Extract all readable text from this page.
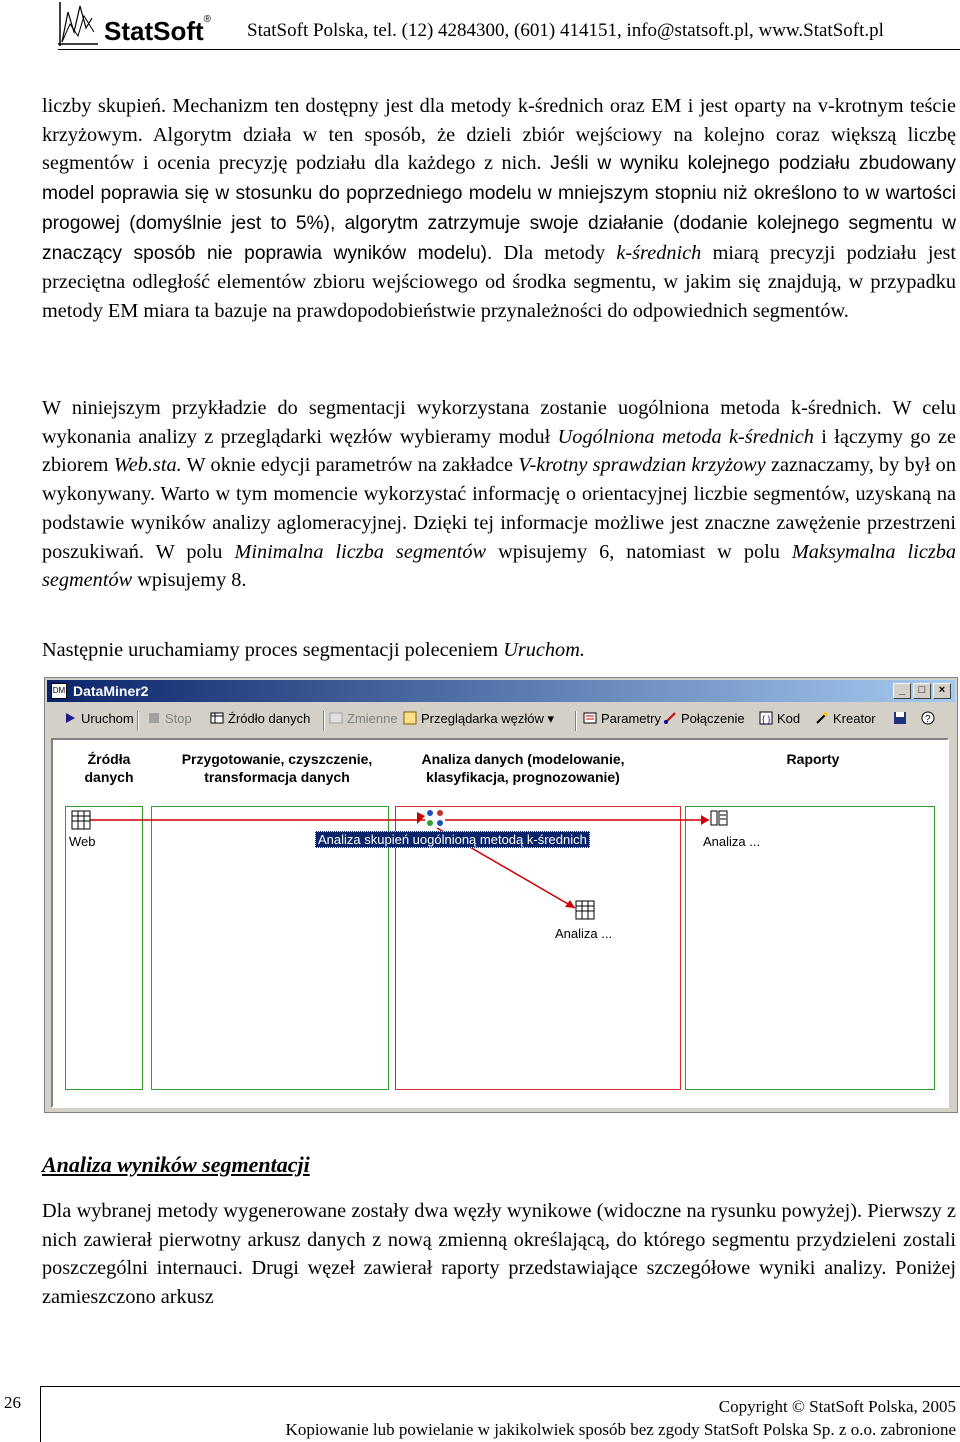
StatSoft®
StatSoft Polska, tel. (12) 4284300, (601) 414151, info@statsoft.pl, www.StatSoft.pl
liczby skupień. Mechanizm ten dostępny jest dla metody k-średnich oraz EM i jest oparty na v-krotnym teście krzyżowym. Algorytm działa w ten sposób, że dzieli zbiór wejściowy na kolejno coraz większą liczbę segmentów i ocenia precyzję podziału dla każdego z nich. Jeśli w wyniku kolejnego podziału zbudowany model poprawia się w stosunku do poprzedniego modelu w mniejszym stopniu niż określono to w wartości progowej (domyślnie jest to 5%), algorytm zatrzymuje swoje działanie (dodanie kolejnego segmentu w znaczący sposób nie poprawia wyników modelu). Dla metody k-średnich miarą precyzji podziału jest przeciętna odległość elementów zbioru wejściowego od środka segmentu, w jakim się znajdują, w przypadku metody EM miara ta bazuje na prawdopodobieństwie przynależności do odpowiednich segmentów.
W niniejszym przykładzie do segmentacji wykorzystana zostanie uogólniona metoda k-średnich. W celu wykonania analizy z przeglądarki węzłów wybieramy moduł Uogólniona metoda k-średnich i łączymy go ze zbiorem Web.sta. W oknie edycji parametrów na zakładce V-krotny sprawdzian krzyżowy zaznaczamy, by był on wykonywany. Warto w tym momencie wykorzystać informację o orientacyjnej liczbie segmentów, uzyskaną na podstawie wyników analizy aglomeracyjnej. Dzięki tej informacje możliwe jest znaczne zawężenie przestrzeni poszukiwań. W polu Minimalna liczba segmentów wpisujemy 6, natomiast w polu Maksymalna liczba segmentów wpisujemy 8.
Następnie uruchamiamy proces segmentacji poleceniem Uruchom.
DM DataMiner2	_	□	×
Uruchom	Stop	Źródło danych	Zmienne	Przeglądarka węzłów ▾	Parametry	Połączenie { } Kod	Kreator	?
Źródła
danych
Przygotowanie, czyszczenie,
transformacja danych
Analiza danych (modelowanie,
klasyfikacja, prognozowanie)
Raporty
Web	Analiza skupień uogólnioną metodą k-średnich	Analiza ...
Analiza ...
Analiza wyników segmentacji
Dla wybranej metody wygenerowane zostały dwa węzły wynikowe (widoczne na rysunku powyżej). Pierwszy z nich zawierał pierwotny arkusz danych z nową zmienną określającą, do którego segmentu przydzieleni zostali poszczególni internauci. Drugi węzeł zawierał raporty przedstawiające szczegółowe wyniki analizy. Poniżej zamieszczono arkusz
26	Copyright © StatSoft Polska, 2005
Kopiowanie lub powielanie w jakikolwiek sposób bez zgody StatSoft Polska Sp. z o.o. zabronione
